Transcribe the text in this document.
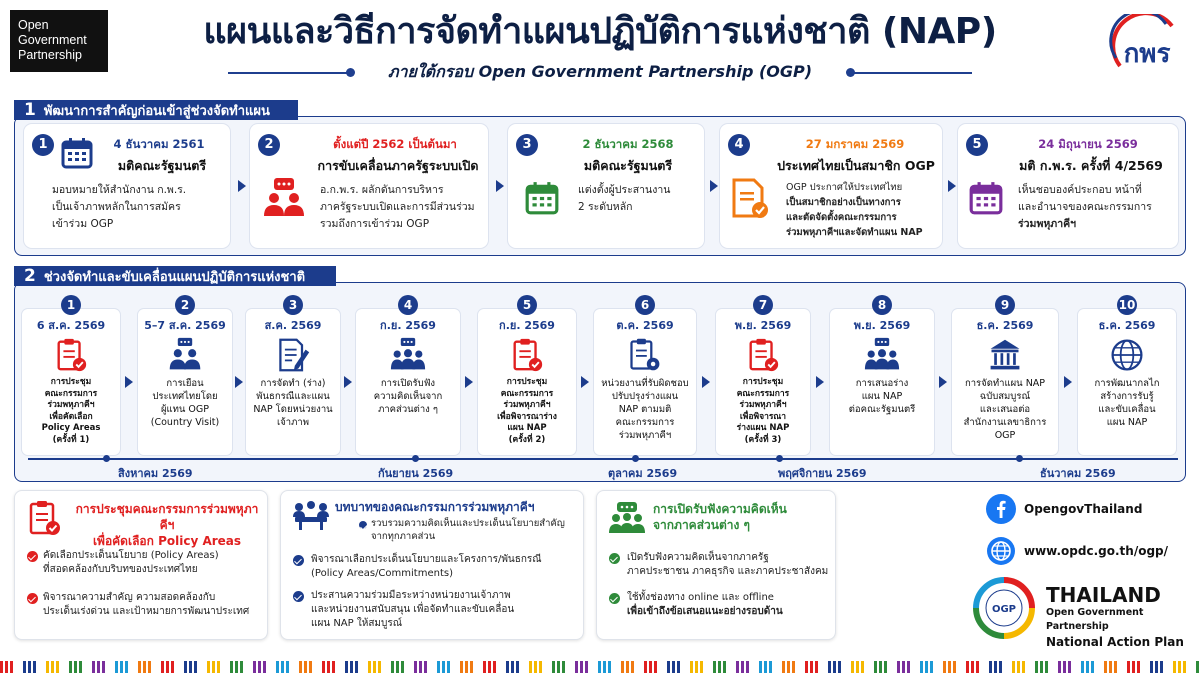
Open
Government
Partnership
แผนและวิธีการจัดทำแผนปฏิบัติการแห่งชาติ (NAP)
ภายใต้กรอบ Open Government Partnership (OGP)
กพร
1 พัฒนาการสำคัญก่อนเข้าสู่ช่วงจัดทำแผน
1	4 ธันวาคม 2561
มติคณะรัฐมนตรี
มอบหมายให้สำนักงาน ก.พ.ร.
เป็นเจ้าภาพหลักในการสมัคร
เข้าร่วม OGP
2	ตั้งแต่ปี 2562 เป็นต้นมา
การขับเคลื่อนภาครัฐระบบเปิด
อ.ก.พ.ร. ผลักดันการบริหาร
ภาครัฐระบบเปิดและการมีส่วนร่วม
รวมถึงการเข้าร่วม OGP
3	2 ธันวาคม 2568
มติคณะรัฐมนตรี
แต่งตั้งผู้ประสานงาน
2 ระดับหลัก
4	27 มกราคม 2569
ประเทศไทยเป็นสมาชิก OGP
OGP ประกาศให้ประเทศไทย
เป็นสมาชิกอย่างเป็นทางการ
และตัดจัดตั้งคณะกรรมการ
ร่วมพหุภาคีฯและจัดทำแผน NAP
5	24 มิถุนายน 2569
มติ ก.พ.ร. ครั้งที่ 4/2569
เห็นชอบองค์ประกอบ หน้าที่
และอำนาจของคณะกรรมการ
ร่วมพหุภาคีฯ
2 ช่วงจัดทำและขับเคลื่อนแผนปฏิบัติการแห่งชาติ
1
6 ส.ค. 2569
การประชุม
คณะกรรมการ
ร่วมพหุภาคีฯ
เพื่อคัดเลือก
Policy Areas
(ครั้งที่ 1)
2
5–7 ส.ค. 2569
การเยือน
ประเทศไทยโดย
ผู้แทน OGP
(Country Visit)
3
ส.ค. 2569
การจัดทำ (ร่าง)
พันธกรณีและแผน
NAP โดยหน่วยงาน
เจ้าภาพ
4
ก.ย. 2569
การเปิดรับฟัง
ความคิดเห็นจาก
ภาคส่วนต่าง ๆ
5
ก.ย. 2569
การประชุม
คณะกรรมการ
ร่วมพหุภาคีฯ
เพื่อพิจารณาร่าง
แผน NAP
(ครั้งที่ 2)
6
ต.ค. 2569
หน่วยงานที่รับผิดชอบ
ปรับปรุงร่างแผน
NAP ตามมติ
คณะกรรมการ
ร่วมพหุภาคีฯ
7
พ.ย. 2569
การประชุม
คณะกรรมการ
ร่วมพหุภาคีฯ
เพื่อพิจารณา
ร่างแผน NAP
(ครั้งที่ 3)
8
พ.ย. 2569
การเสนอร่าง
แผน NAP
ต่อคณะรัฐมนตรี
9
ธ.ค. 2569
การจัดทำแผน NAP
ฉบับสมบูรณ์
และเสนอต่อ
สำนักงานเลขาธิการ
OGP
10
ธ.ค. 2569
การพัฒนากลไก
สร้างการรับรู้
และขับเคลื่อน
แผน NAP
สิงหาคม 2569	กันยายน 2569	ตุลาคม 2569	พฤศจิกายน 2569	ธันวาคม 2569
การประชุมคณะกรรมการร่วมพหุภาคีฯ
เพื่อคัดเลือก Policy Areas
คัดเลือกประเด็นนโยบาย (Policy Areas)
ที่สอดคล้องกับบริบทของประเทศไทย
พิจารณาความสำคัญ ความสอดคล้องกับ
ประเด็นเร่งด่วน และเป้าหมายการพัฒนาประเทศ
บทบาทของคณะกรรมการร่วมพหุภาคีฯ
รวบรวมความคิดเห็นและประเด็นนโยบายสำคัญ
จากทุกภาคส่วน
พิจารณาเลือกประเด็นนโยบายและโครงการ/พันธกรณี
(Policy Areas/Commitments)
ประสานความร่วมมือระหว่างหน่วยงานเจ้าภาพ
และหน่วยงานสนับสนุน เพื่อจัดทำและขับเคลื่อน
แผน NAP ให้สมบูรณ์
การเปิดรับฟังความคิดเห็น
จากภาคส่วนต่าง ๆ
เปิดรับฟังความคิดเห็นจากภาครัฐ
ภาคประชาชน ภาคธุรกิจ และภาคประชาสังคม
ใช้ทั้งช่องทาง online และ offline
เพื่อเข้าถึงข้อเสนอแนะอย่างรอบด้าน
OpengovThailand
www.opdc.go.th/ogp/
OGP
THAILAND
Open Government Partnership
National Action Plan
